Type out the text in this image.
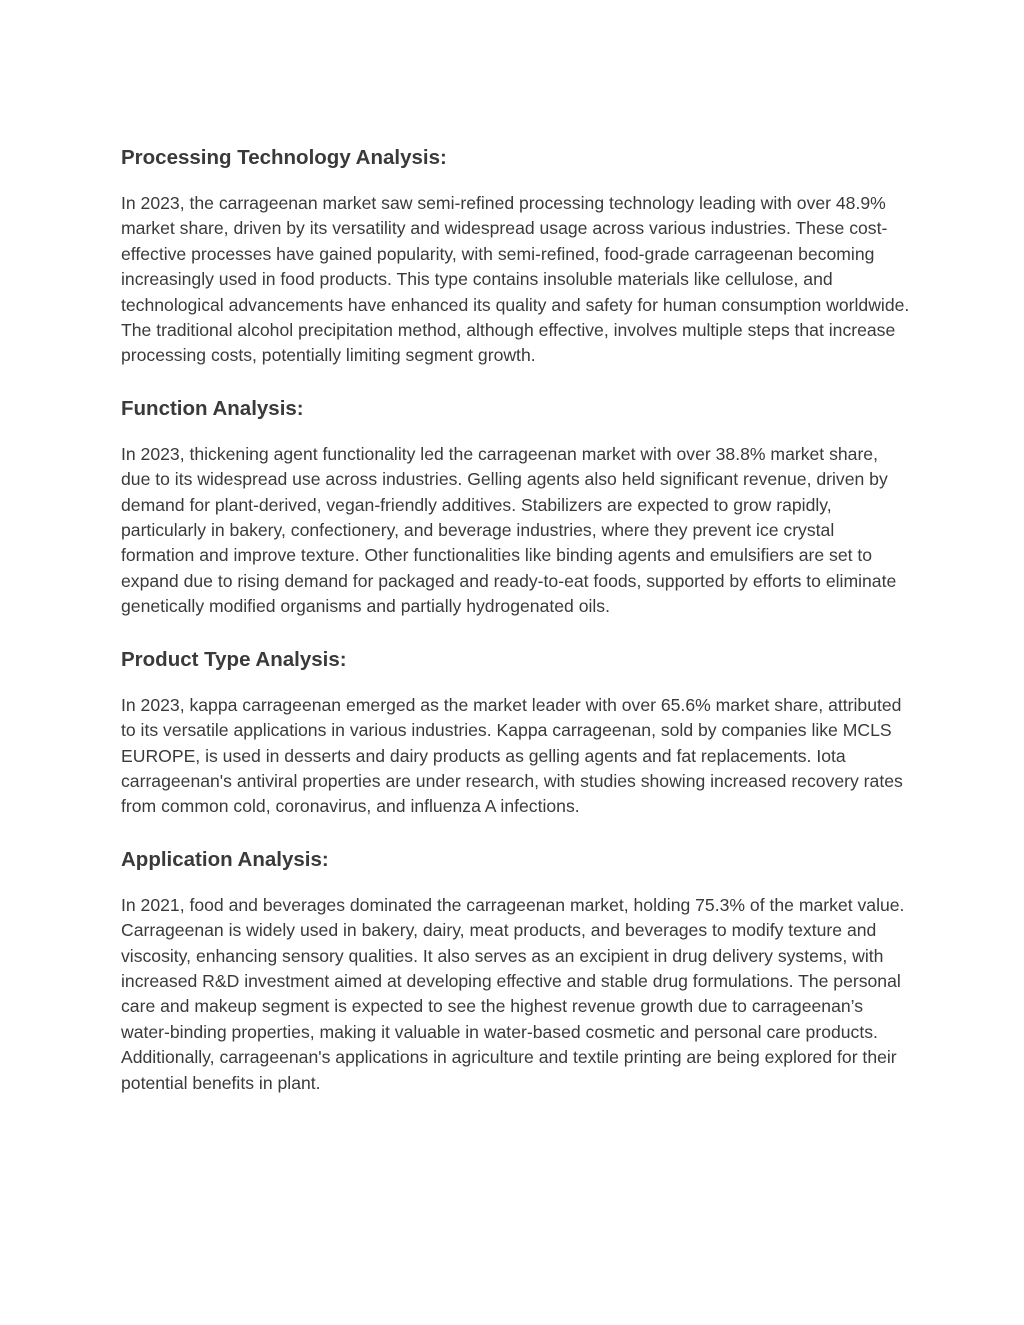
Processing Technology Analysis:

In 2023, the carrageenan market saw semi-refined processing technology leading with over 48.9% market share, driven by its versatility and widespread usage across various industries. These cost-effective processes have gained popularity, with semi-refined, food-grade carrageenan becoming increasingly used in food products. This type contains insoluble materials like cellulose, and technological advancements have enhanced its quality and safety for human consumption worldwide. The traditional alcohol precipitation method, although effective, involves multiple steps that increase processing costs, potentially limiting segment growth.

Function Analysis:

In 2023, thickening agent functionality led the carrageenan market with over 38.8% market share, due to its widespread use across industries. Gelling agents also held significant revenue, driven by demand for plant-derived, vegan-friendly additives. Stabilizers are expected to grow rapidly, particularly in bakery, confectionery, and beverage industries, where they prevent ice crystal formation and improve texture. Other functionalities like binding agents and emulsifiers are set to expand due to rising demand for packaged and ready-to-eat foods, supported by efforts to eliminate genetically modified organisms and partially hydrogenated oils.

Product Type Analysis:

In 2023, kappa carrageenan emerged as the market leader with over 65.6% market share, attributed to its versatile applications in various industries. Kappa carrageenan, sold by companies like MCLS EUROPE, is used in desserts and dairy products as gelling agents and fat replacements. Iota carrageenan's antiviral properties are under research, with studies showing increased recovery rates from common cold, coronavirus, and influenza A infections.

Application Analysis:

In 2021, food and beverages dominated the carrageenan market, holding 75.3% of the market value. Carrageenan is widely used in bakery, dairy, meat products, and beverages to modify texture and viscosity, enhancing sensory qualities. It also serves as an excipient in drug delivery systems, with increased R&D investment aimed at developing effective and stable drug formulations. The personal care and makeup segment is expected to see the highest revenue growth due to carrageenan’s water-binding properties, making it valuable in water-based cosmetic and personal care products. Additionally, carrageenan's applications in agriculture and textile printing are being explored for their potential benefits in plant.
